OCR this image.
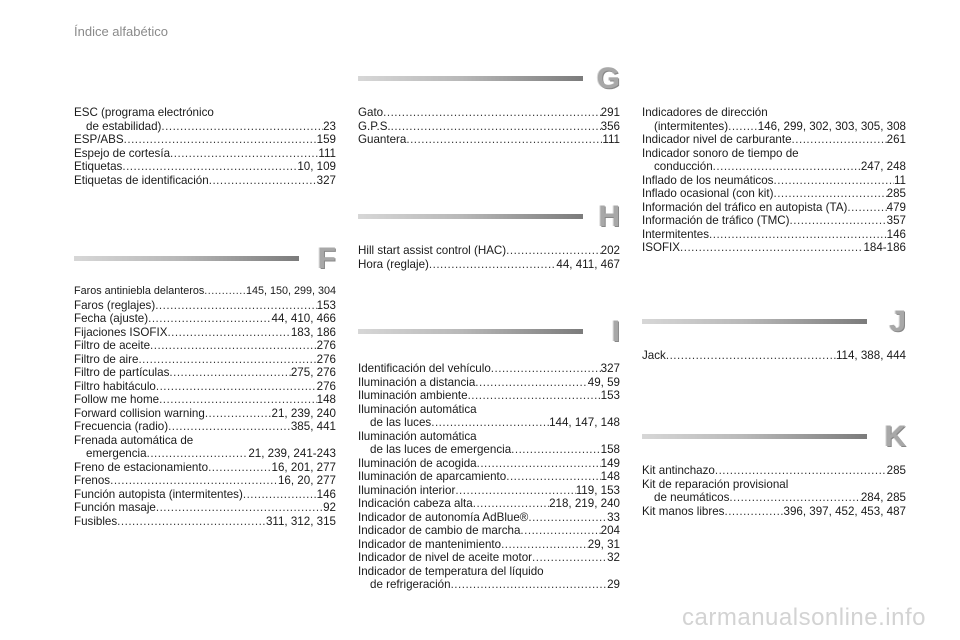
Índice alfabético
ESC (programa electrónico
de estabilidad) .....	23
ESP/ABS .....	159
Espejo de cortesía .....	111
Etiquetas .....	10, 109
Etiquetas de identificación .....	327
F
Faros antiniebla delanteros .....	145, 150, 299, 304
Faros (reglajes) .....	153
Fecha (ajuste) .....	44, 410, 466
Fijaciones ISOFIX .....	183, 186
Filtro de aceite .....	276
Filtro de aire .....	276
Filtro de partículas .....	275, 276
Filtro habitáculo .....	276
Follow me home .....	148
Forward collision warning .....	21, 239, 240
Frecuencia (radio) .....	385, 441
Frenada automática de
emergencia .....	21, 239, 241-243
Freno de estacionamiento .....	16, 201, 277
Frenos .....	16, 20, 277
Función autopista (intermitentes) .....	146
Función masaje .....	92
Fusibles .....	311, 312, 315
G
Gato .....	291
G.P.S. .....	356
Guantera .....	111
H
Hill start assist control (HAC) .....	202
Hora (reglaje) .....	44, 411, 467
I
Identificación del vehículo .....	327
Iluminación a distancia .....	49, 59
Iluminación ambiente .....	153
Iluminación automática
de las luces .....	144, 147, 148
Iluminación automática
de las luces de emergencia .....	158
Iluminación de acogida .....	149
Iluminación de aparcamiento .....	148
Iluminación interior .....	119, 153
Indicación cabeza alta .....	218, 219, 240
Indicador de autonomía AdBlue® .....	33
Indicador de cambio de marcha .....	204
Indicador de mantenimiento .....	29, 31
Indicador de nivel de aceite motor .....	32
Indicador de temperatura del líquido
de refrigeración .....	29
Indicadores de dirección
(intermitentes) .....	146, 299, 302, 303, 305, 308
Indicador nivel de carburante .....	261
Indicador sonoro de tiempo de
conducción .....	247, 248
Inflado de los neumáticos .....	11
Inflado ocasional (con kit) .....	285
Información del tráfico en autopista (TA) .....	479
Información de tráfico (TMC) .....	357
Intermitentes .....	146
ISOFIX .....	184-186
J
Jack .....	114, 388, 444
K
Kit antinchazo .....	285
Kit de reparación provisional
de neumáticos .....	284, 285
Kit manos libres .....	396, 397, 452, 453, 487
carmanualsonline.info
